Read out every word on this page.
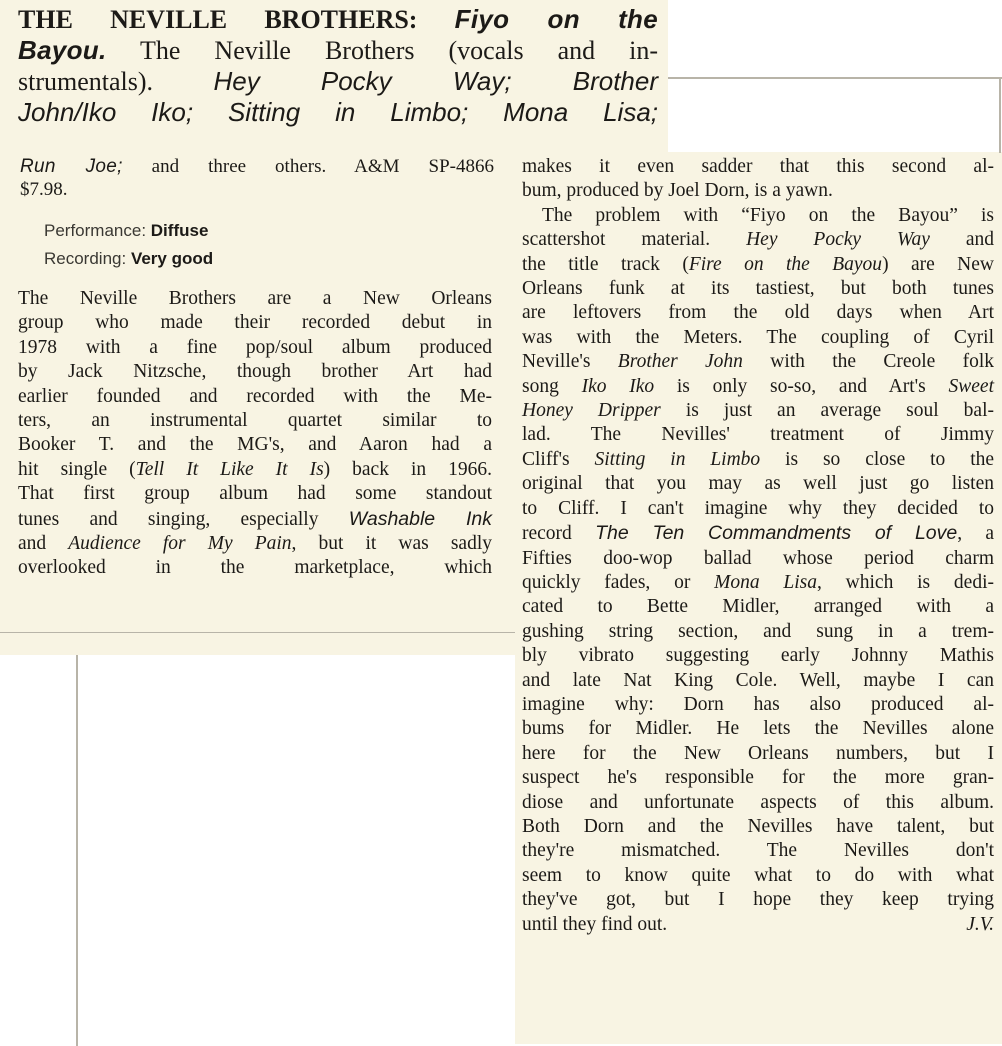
THE NEVILLE BROTHERS: Fiyo on the
Bayou. The Neville Brothers (vocals and in-
strumentals). Hey Pocky Way; Brother
John/Iko Iko; Sitting in Limbo; Mona Lisa;
Run Joe; and three others. A&M SP-4866
$7.98.
Performance: Diffuse
Recording: Very good
The Neville Brothers are a New Orleans
group who made their recorded debut in
1978 with a fine pop/soul album produced
by Jack Nitzsche, though brother Art had
earlier founded and recorded with the Me-
ters, an instrumental quartet similar to
Booker T. and the MG's, and Aaron had a
hit single (Tell It Like It Is) back in 1966.
That first group album had some standout
tunes and singing, especially Washable Ink
and Audience for My Pain, but it was sadly
overlooked in the marketplace, which
makes it even sadder that this second al-
bum, produced by Joel Dorn, is a yawn.
The problem with “Fiyo on the Bayou” is
scattershot material. Hey Pocky Way and
the title track (Fire on the Bayou) are New
Orleans funk at its tastiest, but both tunes
are leftovers from the old days when Art
was with the Meters. The coupling of Cyril
Neville's Brother John with the Creole folk
song Iko Iko is only so-so, and Art's Sweet
Honey Dripper is just an average soul bal-
lad. The Nevilles' treatment of Jimmy
Cliff's Sitting in Limbo is so close to the
original that you may as well just go listen
to Cliff. I can't imagine why they decided to
record The Ten Commandments of Love, a
Fifties doo-wop ballad whose period charm
quickly fades, or Mona Lisa, which is dedi-
cated to Bette Midler, arranged with a
gushing string section, and sung in a trem-
bly vibrato suggesting early Johnny Mathis
and late Nat King Cole. Well, maybe I can
imagine why: Dorn has also produced al-
bums for Midler. He lets the Nevilles alone
here for the New Orleans numbers, but I
suspect he's responsible for the more gran-
diose and unfortunate aspects of this album.
Both Dorn and the Nevilles have talent, but
they're mismatched. The Nevilles don't
seem to know quite what to do with what
they've got, but I hope they keep trying
until they find out.	J.V.
